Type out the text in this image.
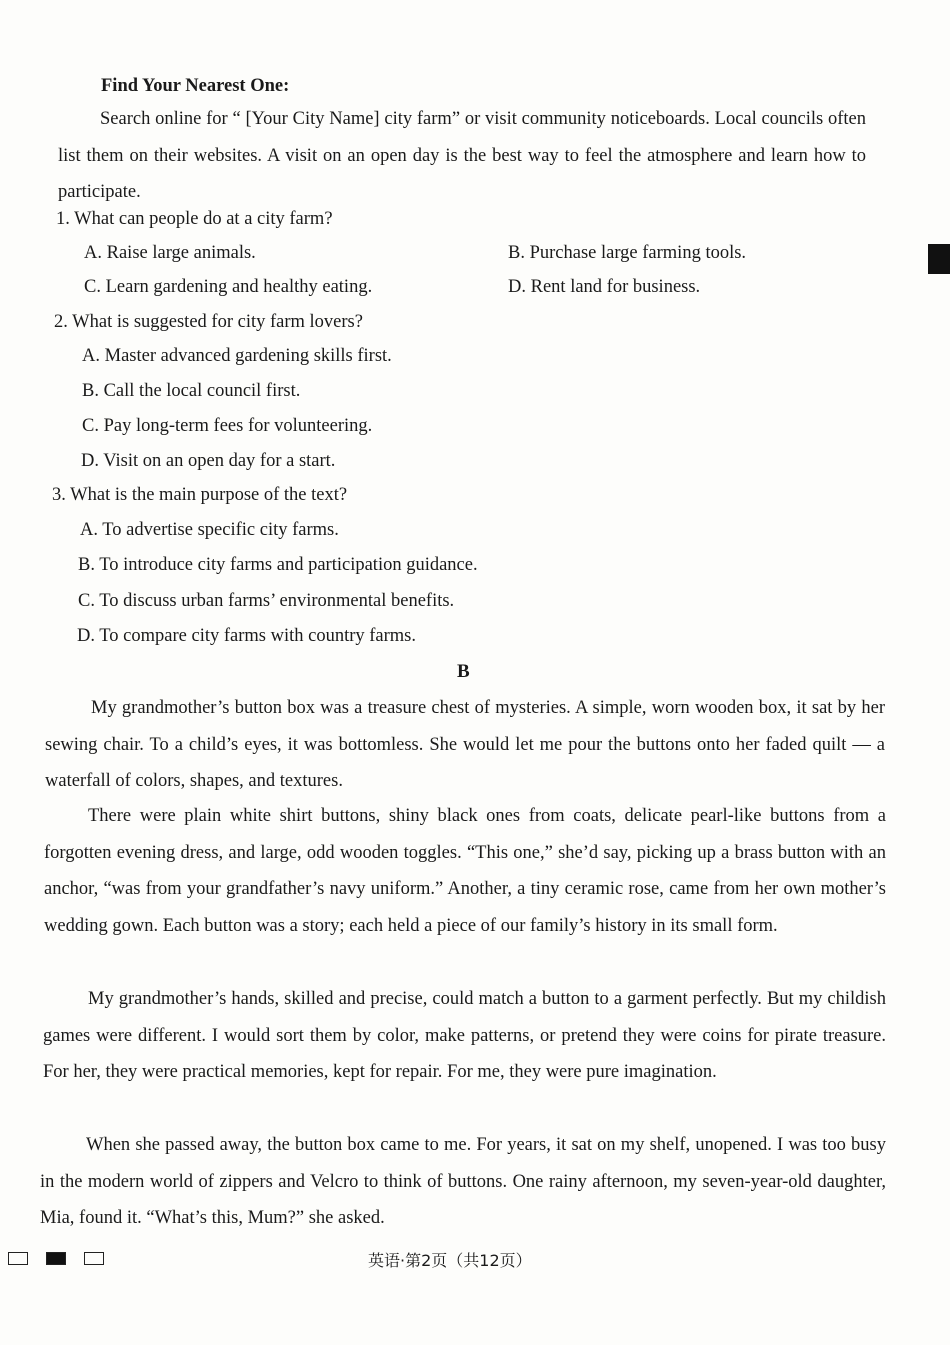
Find Your Nearest One:

Search online for “ [Your City Name] city farm” or visit community noticeboards. Local councils often list them on their websites. A visit on an open day is the best way to feel the atmosphere and learn how to participate.

1. What can people do at a city farm?
A. Raise large animals.	B. Purchase large farming tools.
C. Learn gardening and healthy eating.	D. Rent land for business.
2. What is suggested for city farm lovers?
A. Master advanced gardening skills first.
B. Call the local council first.
C. Pay long-term fees for volunteering.
D. Visit on an open day for a start.
3. What is the main purpose of the text?
A. To advertise specific city farms.
B. To introduce city farms and participation guidance.
C. To discuss urban farms’ environmental benefits.
D. To compare city farms with country farms.
B

My grandmother’s button box was a treasure chest of mysteries. A simple, worn wooden box, it sat by her sewing chair. To a child’s eyes, it was bottomless. She would let me pour the buttons onto her faded quilt — a waterfall of colors, shapes, and textures.

There were plain white shirt buttons, shiny black ones from coats, delicate pearl-like buttons from a forgotten evening dress, and large, odd wooden toggles. “This one,” she’d say, picking up a brass button with an anchor, “was from your grandfather’s navy uniform.” Another, a tiny ceramic rose, came from her own mother’s wedding gown. Each button was a story; each held a piece of our family’s history in its small form.

My grandmother’s hands, skilled and precise, could match a button to a garment perfectly. But my childish games were different. I would sort them by color, make patterns, or pretend they were coins for pirate treasure. For her, they were practical memories, kept for repair. For me, they were pure imagination.

When she passed away, the button box came to me. For years, it sat on my shelf, unopened. I was too busy in the modern world of zippers and Velcro to think of buttons. One rainy afternoon, my seven-year-old daughter, Mia, found it. “What’s this, Mum?” she asked.

英语·第2页（共12页）
